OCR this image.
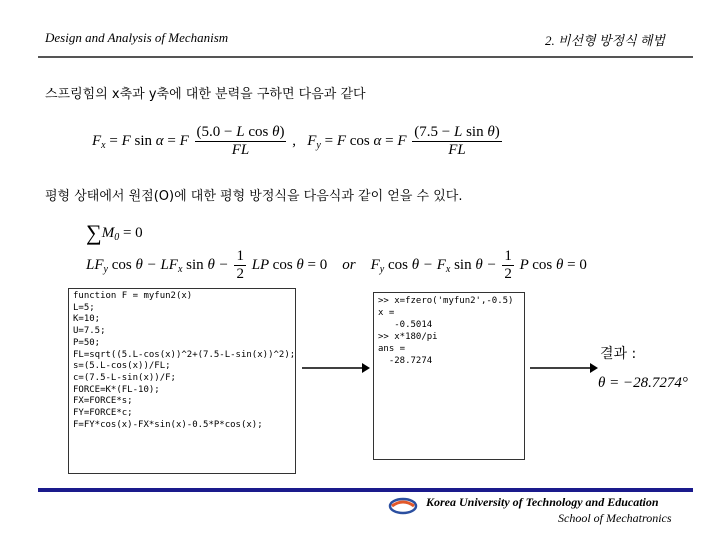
Design and Analysis of Mechanism	2. 비선형 방정식 해법
스프링힘의 x축과 y축에 대한 분력을 구하면 다음과 같다
$F_x = F$ sin α = F $\frac{\text{(5.0 − L cos θ)}}{FL}$ , $F_y = F$ cos α = F $\frac{\text{(7.5 − L sin θ)}}{FL}$
평형 상태에서 원점(O)에 대한 평형 방정식을 다음식과 같이 얻을 수 있다.
$\sum M_0 = 0$
$LF_y$ $\cos \theta - LF_x$ $\sin \theta - \frac{1}{2}$ LP cos θ = 0    or    $F_y$ $\cos \theta - F_x$ $\sin \theta - \frac{1}{2}$ P cos θ = 0
function F = myfun2(x)
L=5;
K=10;
U=7.5;
P=50;
FL=sqrt((5.L-cos(x))^2+(7.5-L-sin(x))^2);
s=(5.L-cos(x))/FL;
c=(7.5-L-sin(x))/F;
FORCE=K*(FL-10);
FX=FORCE*s;
FY=FORCE*c;
F=FY*cos(x)-FX*sin(x)-0.5*P*cos(x);
>> x=fzero('myfun2',-0.5)
x =
-0.5014
>> x*180/pi
ans =
-28.7274	결과 :
θ = −28.7274°
Korea University of Technology and Education
School of Mechatronics
